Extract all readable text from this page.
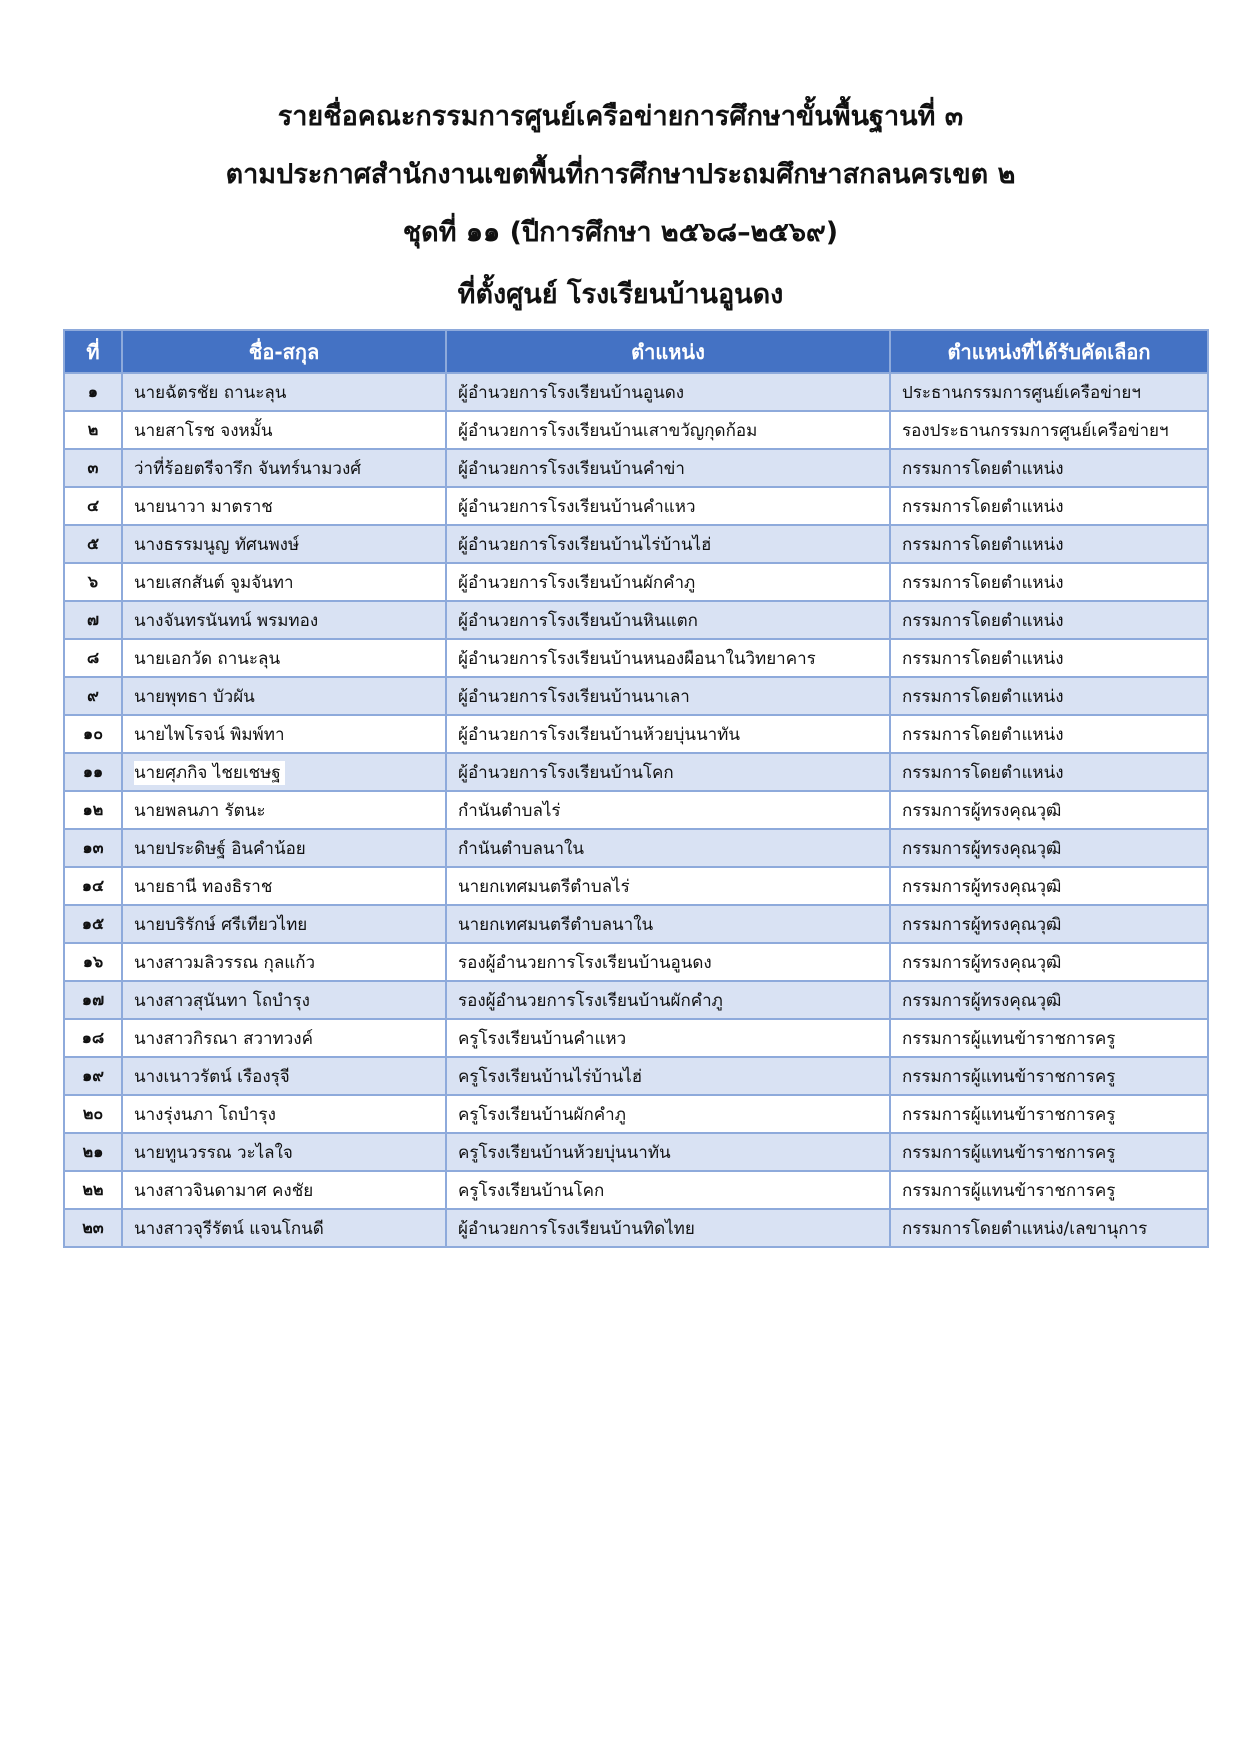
รายชื่อคณะกรรมการศูนย์เครือข่ายการศึกษาขั้นพื้นฐานที่ ๓
ตามประกาศสำนักงานเขตพื้นที่การศึกษาประถมศึกษาสกลนครเขต ๒
ชุดที่ ๑๑ (ปีการศึกษา ๒๕๖๘–๒๕๖๙)
ที่ตั้งศูนย์ โรงเรียนบ้านอูนดง
ที่	ชื่อ-สกุล	ตำแหน่ง	ตำแหน่งที่ได้รับคัดเลือก
๑	นายฉัตรชัย ถานะลุน	ผู้อำนวยการโรงเรียนบ้านอูนดง	ประธานกรรมการศูนย์เครือข่ายฯ
๒	นายสาโรช จงหมั้น	ผู้อำนวยการโรงเรียนบ้านเสาขวัญกุดก้อม	รองประธานกรรมการศูนย์เครือข่ายฯ
๓	ว่าที่ร้อยตรีจารึก จันทร์นามวงศ์	ผู้อำนวยการโรงเรียนบ้านคำข่า	กรรมการโดยตำแหน่ง
๔	นายนาวา มาตราช	ผู้อำนวยการโรงเรียนบ้านคำแหว	กรรมการโดยตำแหน่ง
๕	นางธรรมนูญ ทัศนพงษ์	ผู้อำนวยการโรงเรียนบ้านไร่บ้านไฮ่	กรรมการโดยตำแหน่ง
๖	นายเสกสันต์ จูมจันทา	ผู้อำนวยการโรงเรียนบ้านผักคำภู	กรรมการโดยตำแหน่ง
๗	นางจันทรนันทน์ พรมทอง	ผู้อำนวยการโรงเรียนบ้านหินแตก	กรรมการโดยตำแหน่ง
๘	นายเอกวัด ถานะลุน	ผู้อำนวยการโรงเรียนบ้านหนองผือนาในวิทยาคาร	กรรมการโดยตำแหน่ง
๙	นายพุทธา บัวผัน	ผู้อำนวยการโรงเรียนบ้านนาเลา	กรรมการโดยตำแหน่ง
๑๐	นายไพโรจน์ พิมพ์ทา	ผู้อำนวยการโรงเรียนบ้านห้วยบุ่นนาทัน	กรรมการโดยตำแหน่ง
๑๑	นายศุภกิจ ไชยเชษฐ	ผู้อำนวยการโรงเรียนบ้านโคก	กรรมการโดยตำแหน่ง
๑๒	นายพลนภา รัตนะ	กำนันตำบลไร่	กรรมการผู้ทรงคุณวุฒิ
๑๓	นายประดิษฐ์ อินคำน้อย	กำนันตำบลนาใน	กรรมการผู้ทรงคุณวุฒิ
๑๔	นายธานี ทองธิราช	นายกเทศมนตรีตำบลไร่	กรรมการผู้ทรงคุณวุฒิ
๑๕	นายบริรักษ์ ศรีเทียวไทย	นายกเทศมนตรีตำบลนาใน	กรรมการผู้ทรงคุณวุฒิ
๑๖	นางสาวมลิวรรณ กุลแก้ว	รองผู้อำนวยการโรงเรียนบ้านอูนดง	กรรมการผู้ทรงคุณวุฒิ
๑๗	นางสาวสุนันทา โถบำรุง	รองผู้อำนวยการโรงเรียนบ้านผักคำภู	กรรมการผู้ทรงคุณวุฒิ
๑๘	นางสาวกิรณา สวาทวงค์	ครูโรงเรียนบ้านคำแหว	กรรมการผู้แทนข้าราชการครู
๑๙	นางเนาวรัตน์ เรืองรุจี	ครูโรงเรียนบ้านไร่บ้านไฮ่	กรรมการผู้แทนข้าราชการครู
๒๐	นางรุ่งนภา โถบำรุง	ครูโรงเรียนบ้านผักคำภู	กรรมการผู้แทนข้าราชการครู
๒๑	นายทูนวรรณ วะไลใจ	ครูโรงเรียนบ้านห้วยบุ่นนาทัน	กรรมการผู้แทนข้าราชการครู
๒๒	นางสาวจินดามาศ คงชัย	ครูโรงเรียนบ้านโคก	กรรมการผู้แทนข้าราชการครู
๒๓	นางสาวจุรีรัตน์ แจนโกนดี	ผู้อำนวยการโรงเรียนบ้านทิดไทย	กรรมการโดยตำแหน่ง/เลขานุการ
